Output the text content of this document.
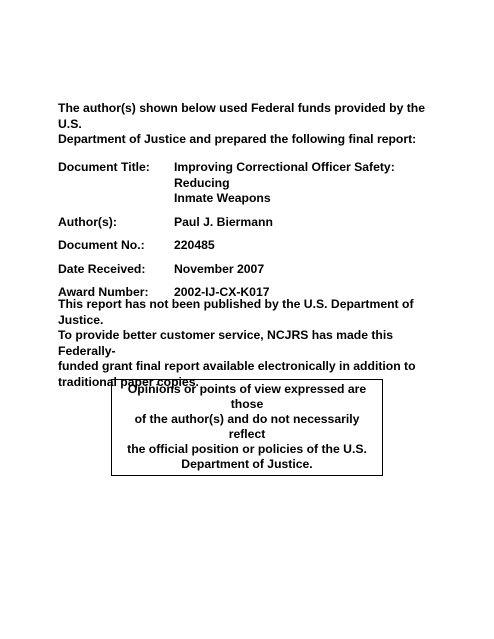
The author(s) shown below used Federal funds provided by the U.S.
Department of Justice and prepared the following final report:
Document Title:	Improving Correctional Officer Safety: Reducing
Inmate Weapons
Author(s):	Paul J. Biermann
Document No.:	220485
Date Received:	November 2007
Award Number:	2002-IJ-CX-K017
This report has not been published by the U.S. Department of Justice.
To provide better customer service, NCJRS has made this Federally-
funded grant final report available electronically in addition to
traditional paper copies.
Opinions or points of view expressed are those
of the author(s) and do not necessarily reflect
the official position or policies of the U.S.
Department of Justice.
